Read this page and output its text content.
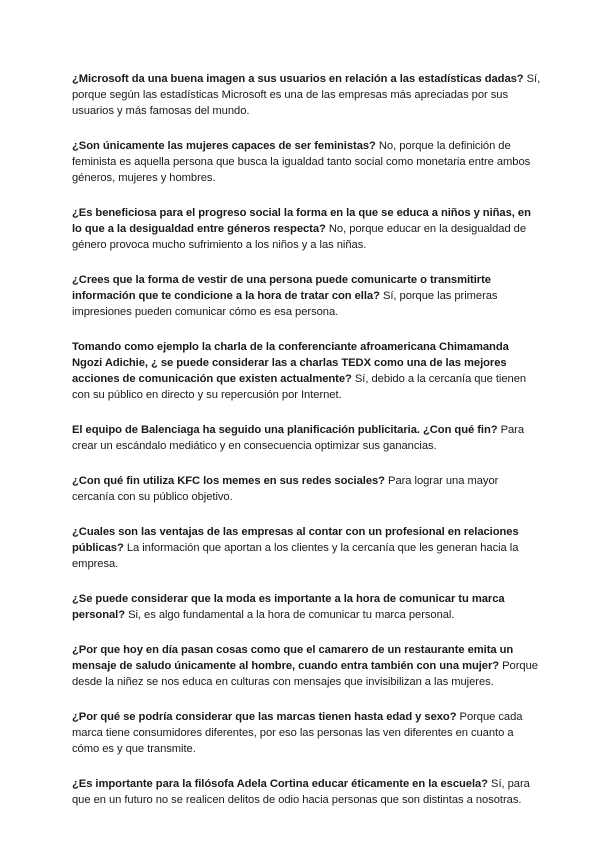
¿Microsoft da una buena imagen a sus usuarios en relación a las estadísticas dadas? Sí, porque según las estadísticas Microsoft es una de las empresas más apreciadas por sus usuarios y más famosas del mundo.

¿Son únicamente las mujeres capaces de ser feministas? No, porque la definición de feminista es aquella persona que busca la igualdad tanto social como monetaria entre ambos géneros, mujeres y hombres.

¿Es beneficiosa para el progreso social la forma en la que se educa a niños y niñas, en lo que a la desigualdad entre géneros respecta? No, porque educar en la desigualdad de género provoca mucho sufrimiento a los niños y a las niñas.

¿Crees que la forma de vestir de una persona puede comunicarte o transmitirte información que te condicione a la hora de tratar con ella? Sí, porque las primeras impresiones pueden comunicar cómo es esa persona.

Tomando como ejemplo la charla de la conferenciante afroamericana Chimamanda Ngozi Adichie, ¿ se puede considerar las a charlas TEDX como una de las mejores acciones de comunicación que existen actualmente? Sí, debido a la cercanía que tienen con su público en directo y su repercusión por Internet.

El equipo de Balenciaga ha seguido una planificación publicitaria. ¿Con qué fin? Para crear un escándalo mediático y en consecuencia optimizar sus ganancias.

¿Con qué fin utiliza KFC los memes en sus redes sociales? Para lograr una mayor cercanía con su público objetivo.

¿Cuales son las ventajas de las empresas al contar con un profesional en relaciones públicas? La información que aportan a los clientes y la cercanía que les generan hacia la empresa.

¿Se puede considerar que la moda es importante a la hora de comunicar tu marca personal? Si, es algo fundamental a la hora de comunicar tu marca personal.

¿Por que hoy en día pasan cosas como que el camarero de un restaurante emita un mensaje de saludo únicamente al hombre, cuando entra también con una mujer? Porque desde la niñez se nos educa en culturas con mensajes que invisibilizan a las mujeres.

¿Por qué se podría considerar que las marcas tienen hasta edad y sexo? Porque cada marca tiene consumidores diferentes, por eso las personas las ven diferentes en cuanto a cómo es y que transmite.

¿Es importante para la filósofa Adela Cortina educar éticamente en la escuela? Sí, para que en un futuro no se realicen delitos de odio hacia personas que son distintas a nosotras.
